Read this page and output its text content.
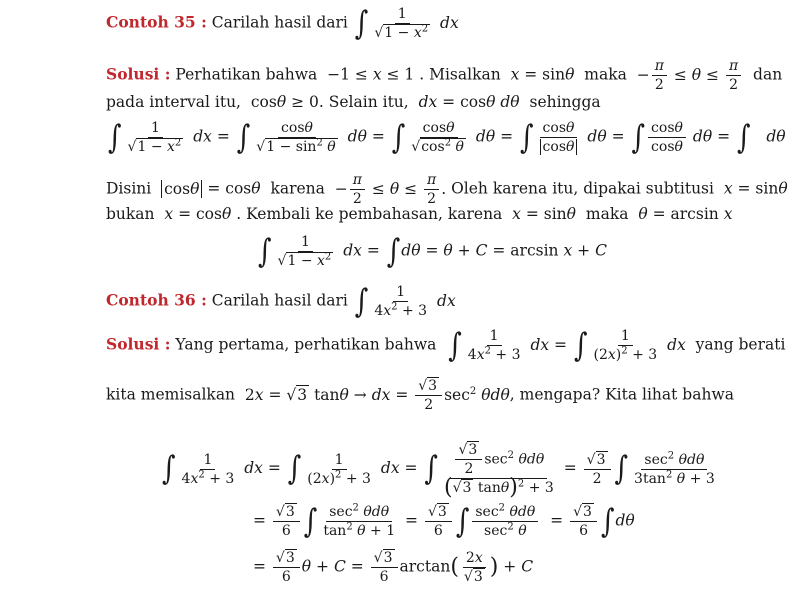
Contoh 35 : Carilah hasil dari ∫ $\frac{1}{√1 - x^2}$ dx
Solusi : Perhatikan bahwa  −1 ≤ x ≤ 1 . Misalkan x = sinθ maka  − $\frac{\pi}{2} \le \theta \le \frac{\pi}{2}$ dan
pada interval itu,  cosθ ≥ 0. Selain itu, dx = cosθ dθ sehingga
∫ $\frac{1}{√1 - x^2}$ dx = ∫ $\frac{\cos\theta}{√1 - \sin^2 \theta}$ dθ = ∫ $\frac{\cos\theta}{√\cos^2 \theta}$ dθ = ∫ $\frac{\cos\theta}{\cos\theta}$ dθ = ∫ $\frac{\cos\theta}{\cos\theta}$ dθ = ∫ dθ
Disini cosθ = cosθ karena  − $\frac{\pi}{2} \le \theta \le \frac{\pi}{2}$ . Oleh karena itu, dipakai subtitusi x = sinθ
bukan x = cosθ . Kembali ke pembahasan, karena x = sinθ maka θ = arcsin x
∫ $\frac{1}{√1 - x^2}$ dx = ∫dθ = θ + C = arcsin x + C
Contoh 36 : Carilah hasil dari ∫ $\frac{1}{4x^2 + 3}$ dx
Solusi : Yang pertama, perhatikan bahwa ∫ $\frac{1}{4x^2 + 3}$ dx = ∫ $\frac{1}{(2x)^2 + 3}$ dx yang berati
kita memisalkan  2x = √3 tanθ → dx = $\frac{√3}{2} \sec^2 \theta d\theta$, mengapa? Kita lihat bahwa
∫ $\frac{1}{4x^2 + 3}$ dx = ∫ $\frac{1}{(2x)^2 + 3}$ dx = ∫ $\frac{√3}{2} \sec^2 \theta d\theta$
(√3 tanθ)$^2$ + 3
= $\frac{√3}{2}$ ∫ $\sec^2 \theta d\theta$
$3\tan^2$ θ + 3
= $\frac{√3}{6}$ ∫ $\sec^2 \theta d\theta$
$\tan^2 \theta + 1$
= $\frac{√3}{6}$ ∫ $\sec^2 \theta d\theta$
$\sec^2 \theta$
= $\frac{√3}{6} \int d\theta$
= $\frac{√3}{6}$ $\theta + C = \frac{√3}{6} \arctan( \frac{2x}{√3}$ ) + C
